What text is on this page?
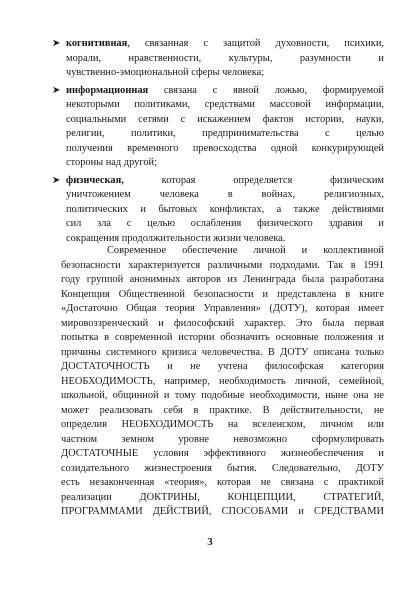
➤ когнитивная, связанная с защитой духовности, психики,
морали, нравственности, культуры, разумности и
чувственно-эмоциональной сферы человека;
➤ информационная связана с явной ложью, формируемой
некоторыми политиками, средствами массовой информации,
социальными сетями с искажением фактов истории, науки,
религии, политики, предпринимательства с целью
получения временного превосходства одной конкурирующей
стороны над другой;
➤ физическая, которая определяется физическим
уничтожением человека в войнах, религиозных,
политических и бытовых конфликтах, а также действиями
сил зла с целью ослабления физического здравия и
сокращения продолжительности жизни человека.
Современное обеспечение личной и коллективной
безопасности характеризуется различными подходами. Так в 1991
году группой анонимных авторов из Ленинграда была разработана
Концепция Общественной безопасности и представлена в книге
«Достаточно Общая теория Управления» (ДОТУ), которая имеет
мировоззренческий и философский характер. Это была первая
попытка в современной истории обозначить основные положения и
причины системного кризиса человечества. В ДОТУ описана только
ДОСТАТОЧНОСТЬ и не учтена философская категория
НЕОБХОДИМОСТЬ, например, необходимость личной, семейной,
школьной, общинной и тому подобные необходимости, ныне она не
может реализовать себя в практике. В действительности, не
определив НЕОБХОДИМОСТЬ на вселенском, личном или
частном земном уровне невозможно сформулировать
ДОСТАТОЧНЫЕ условия эффективного жизнеобеспечения и
созидательного жизнестроения бытия. Следовательно, ДОТУ
есть незаконченная «теория», которая не связана с практикой
реализации ДОКТРИНЫ, КОНЦЕПЦИИ, СТРАТЕГИЙ,
ПРОГРАММАМИ ДЕЙСТВИЙ, СПОСОБАМИ и СРЕДСТВАМИ
3
